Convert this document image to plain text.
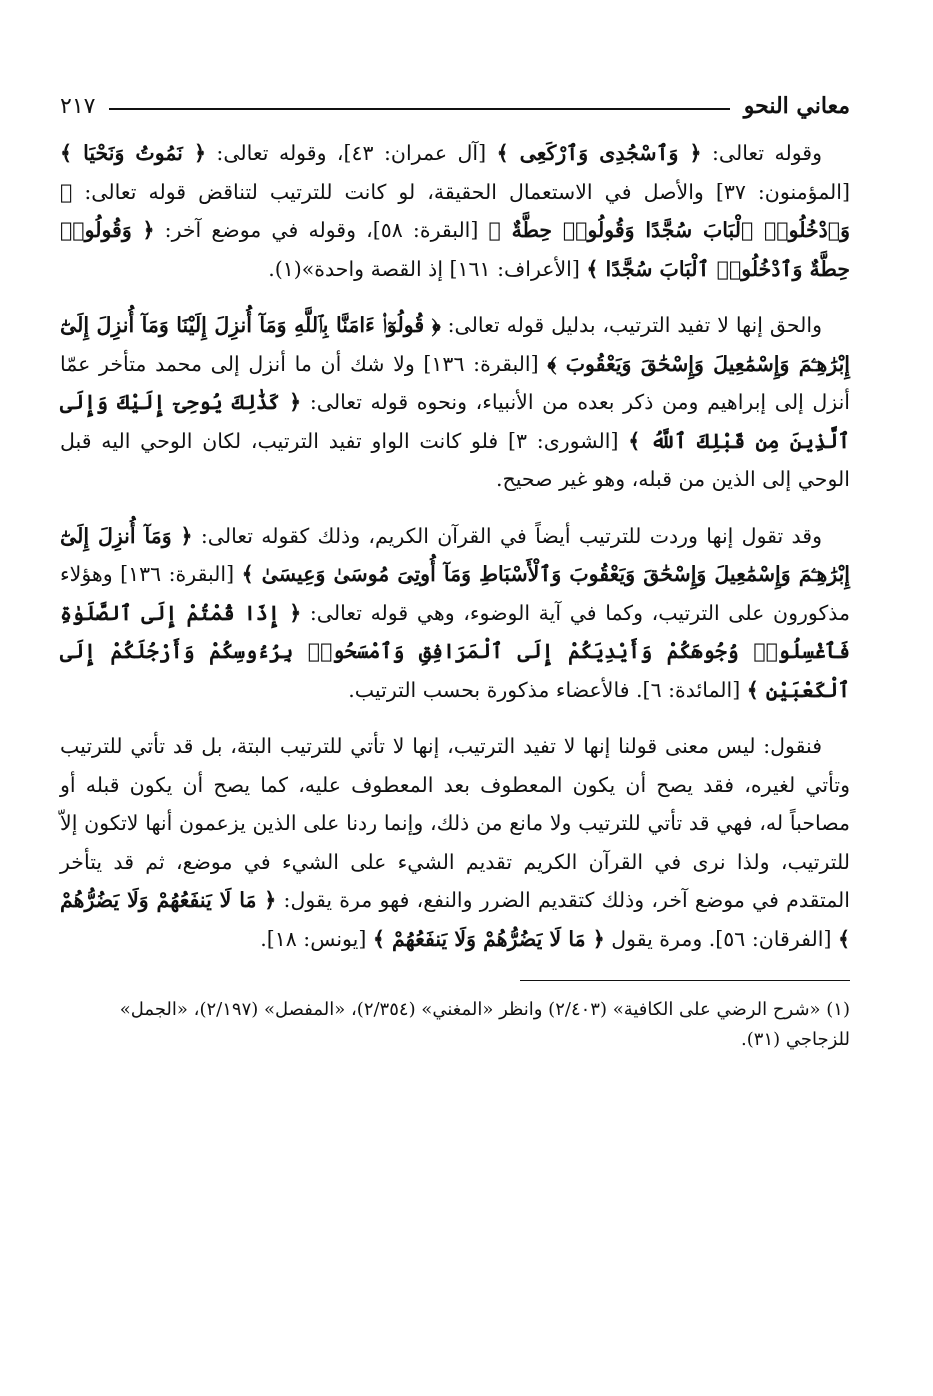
معاني النحو
٢١٧

وقوله تعالى: ﴿ وَٱسْجُدِى وَٱرْكَعِى ﴾ [آل عمران: ٤٣]، وقوله تعالى: ﴿ نَمُوتُ وَنَحْيَا ﴾ [المؤمنون: ٣٧] والأصل في الاستعمال الحقيقة، لو كانت للترتيب لتناقض قوله تعالى: ﴿ وَٱدْخُلُوا۟ ٱلْبَابَ سُجَّدًا وَقُولُوا۟ حِطَّةٌ ﴾ [البقرة: ٥٨]، وقوله في موضع آخر: ﴿ وَقُولُوا۟ حِطَّةٌ وَٱدْخُلُوا۟ ٱلْبَابَ سُجَّدًا ﴾ [الأعراف: ١٦١] إذ القصة واحدة»(١).

والحق إنها لا تفيد الترتيب، بدليل قوله تعالى: ﴿ قُولُوٓا۟ ءَامَنَّا بِٱللَّهِ وَمَآ أُنزِلَ إِلَيْنَا وَمَآ أُنزِلَ إِلَىٰٓ إِبْرَٰهِـۧمَ وَإِسْمَٰعِيلَ وَإِسْحَٰقَ وَيَعْقُوبَ ﴾ [البقرة: ١٣٦] ولا شك أن ما أنزل إلى محمد متأخر عمّا أنزل إلى إبراهيم ومن ذكر بعده من الأنبياء، ونحوه قوله تعالى: ﴿ كَذَٰلِكَ يُوحِىٓ إِلَيْكَ وَإِلَى ٱلَّذِينَ مِن قَبْلِكَ ٱللَّهُ ﴾ [الشورى: ٣] فلو كانت الواو تفيد الترتيب، لكان الوحي اليه قبل الوحي إلى الذين من قبله، وهو غير صحيح.

وقد تقول إنها وردت للترتيب أيضاً في القرآن الكريم، وذلك كقوله تعالى: ﴿ وَمَآ أُنزِلَ إِلَىٰٓ إِبْرَٰهِـۧمَ وَإِسْمَٰعِيلَ وَإِسْحَٰقَ وَيَعْقُوبَ وَٱلْأَسْبَاطِ وَمَآ أُوتِىَ مُوسَىٰ وَعِيسَىٰ ﴾ [البقرة: ١٣٦] وهؤلاء مذكورون على الترتيب، وكما في آية الوضوء، وهي قوله تعالى: ﴿ إِذَا قُمْتُمْ إِلَى ٱلصَّلَوٰةِ فَٱغْسِلُوا۟ وُجُوهَكُمْ وَأَيْدِيَكُمْ إِلَى ٱلْمَرَافِقِ وَٱمْسَحُوا۟ بِرُءُوسِكُمْ وَأَرْجُلَكُمْ إِلَى ٱلْكَعْبَيْنِ ﴾ [المائدة: ٦]. فالأعضاء مذكورة بحسب الترتيب.

فنقول: ليس معنى قولنا إنها لا تفيد الترتيب، إنها لا تأتي للترتيب البتة، بل قد تأتي للترتيب وتأتي لغيره، فقد يصح أن يكون المعطوف بعد المعطوف عليه، كما يصح أن يكون قبله أو مصاحباً له، فهي قد تأتي للترتيب ولا مانع من ذلك، وإنما ردنا على الذين يزعمون أنها لاتكون إلاّ للترتيب، ولذا نرى في القرآن الكريم تقديم الشيء على الشيء في موضع، ثم قد يتأخر المتقدم في موضع آخر، وذلك كتقديم الضرر والنفع، فهو مرة يقول: ﴿ مَا لَا يَنفَعُهُمْ وَلَا يَضُرُّهُمْ ﴾ [الفرقان: ٥٦]. ومرة يقول ﴿ مَا لَا يَضُرُّهُمْ وَلَا يَنفَعُهُمْ ﴾ [يونس: ١٨].

(١) «شرح الرضي على الكافية» (٢/٤٠٣) وانظر «المغني» (٢/٣٥٤)، «المفصل» (٢/١٩٧)، «الجمل» للزجاجي (٣١).
